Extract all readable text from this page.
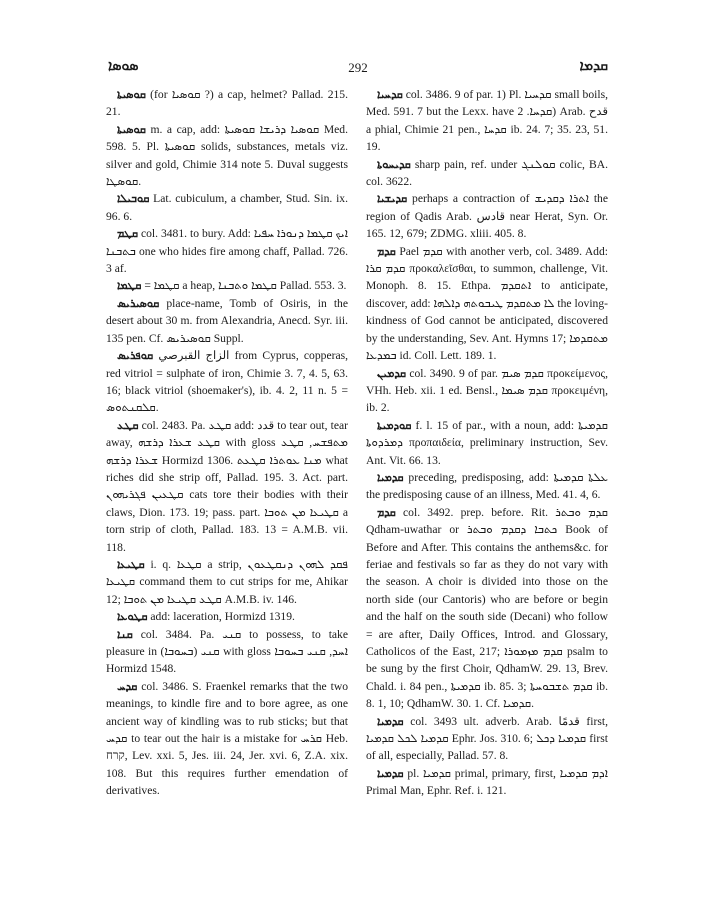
292
ܣܘܣܐ	ܩܕܡܐ

ܩܘܣܝܬܐ (for ܩܘܣܝܐ ?) a cap, helmet? Pallad. 215. 21.

ܩܘܣܝܬܐ m. a cap, add: ܩܘܣܝܐ ܕܪܝܫܐ ܩܘܣܝܬܐ Med. 598. 5. Pl. ܩܘܣܝܬܐ solids, substances, metals viz. silver and gold, Chimie 314 note 5. Duval suggests ܩܘܣܛܐ.

ܩܘܒܝܠܐ Lat. cubiculum, a chamber, Stud. Sin. ix. 96. 6.

ܩܛܡ col. 3481. to bury. Add: ܐܝܟ ܩܛܡܐ ܕܢܘܪܐ ܚܦܝܐ ܒܬܒܢܐ one who hides fire among chaff, Pallad. 726. 3 af.

ܩܛܡܐ = ܩܛܡܐ a heap, ܩܛܡܐ ܘܬܒܢܐ Pallad. 553. 3.

ܩܘܣܝܪܝܣ place-name, Tomb of Osiris, in the desert about 30 m. from Alexandria, Anecd. Syr. iii. 135 pen. Cf. ܩܘܣܝܪܝܣ Suppl.

ܩܘܦܪܝܣ الزاج القبرصي from Cyprus, copperas, red vitriol = sulphate of iron, Chimie 3. 7, 4. 5, 63. 16; black vitriol (shoemaker's), ib. 4. 2, 11 n. 5 = ܩܠܩܢܬܘܣ.

ܩܛܥ col. 2483. Pa. ܩܛܥ add: قدد to tear out, tear away, ܩܛܥ ܫܥܪܐ ܕܪܫܗ with gloss ܡܬܦܫܚ, ܩܛܥ ܫܥܪܐ ܕܪܫܗ Hormizd 1306. ܡܢܐ ܥܘܬܪܐ ܩܛܥܬ what riches did she strip off, Pallad. 195. 3. Act. part. ܩܛܥܝܢ ܦܓܪܝܗܘܢ cats tore their bodies with their claws, Dion. 173. 19; pass. part. ܩܛܝܥܐ ܡܢ ܬܘܒܐ a torn strip of cloth, Pallad. 183. 13 = A.M.B. vii. 118.

ܩܛܝܥܐ i. q. ܩܛܥܐ a strip, ܦܩܕ ܠܗܘܢ ܕܢܩܛܥܘܢ ܩܛܝܥܐ command them to cut strips for me, Ahikar 12; ܩܛܥ ܩܛܝܥܐ ܡܢ ܬܘܒܐ A.M.B. iv. 146.

ܩܛܘܥܐ add: laceration, Hormizd 1319.

ܩܢܐ col. 3484. Pa. ܩܢܝ to possess, to take pleasure in ܩܢܝ (ܒܚܘܒܐ) with gloss ܐܚܕ, ܩܢܝ ܒܚܘܒܐ Hormizd 1548.

ܩܕܚ col. 3486. S. Fraenkel remarks that the two meanings, to kindle fire and to bore agree, as one ancient way of kindling was to rub sticks; but that ܩܕܚ to tear out the hair is a mistake for ܩܪܚ Heb. קרח, Lev. xxi. 5, Jes. iii. 24, Jer. xvi. 6, Z.A. xix. 108. But this requires further emendation of derivatives.

ܩܕܚܝܐ col. 3486. 9 of par. 1) Pl. ܩܕܚܝܐ small boils, Med. 591. 7 but the Lexx. have ܩܕܚܐ. 2) Arab. قدح a phial, Chimie 21 pen., ܩܕܚܐ ib. 24. 7; 35. 23, 51. 19.

ܩܕܝܚܘܬܐ sharp pain, ref. under ܩܘܠܢܓ colic, BA. col. 3622.

ܩܕܝܫܝܐ perhaps a contraction of ܐܬܪܐ ܕܩܕܝܫ the region of Qadis Arab. قادس near Herat, Syn. Or. 165. 12, 679; ZDMG. xliii. 405. 8.

ܩܕܡ Pael ܩܕܡ with another verb, col. 3489. Add: ܩܕܡ ܩܪܐ προκαλεῖσθαι, to summon, challenge, Vit. Monoph. 8. 15. Ethpa. ܐܬܩܕܡ to anticipate, discover, add: ܠܐ ܡܬܩܕܡ ܛܝܒܘܬܗ ܕܐܠܗܐ the loving-kindness of God cannot be anticipated, discovered by the understanding, Sev. Ant. Hymns 17; ܡܬܩܕܡܐ ܒܡܕܥܐ id. Coll. Lett. 189. 1.

ܩܕܡܝܢ col. 3490. 9 of par. ܩܕܡ ܣܝܡ προκείμενος, VHh. Heb. xii. 1 ed. Bensl., ܩܕܡ ܣܝܡܐ προκειμένη, ib. 2.

ܩܘܕܡܝܬܐ f. l. 15 of par., with a noun, add: ܩܕܡܝܬܐ ܕܡܪܕܘܬܐ προπαιδεία, preliminary instruction, Sev. Ant. Vit. 66. 13.

ܩܕܡܝܐ preceding, predisposing, add: ܥܠܬܐ ܩܕܡܝܬܐ the predisposing cause of an illness, Med. 41. 4, 6.

ܩܕܡ col. 3492. prep. before. Rit. ܩܕܡ ܘܒܬܪ Qdham-uwathar or ܟܬܒܐ ܕܩܕܡ ܘܒܬܪ Book of Before and After. This contains the anthems&c. for feriae and festivals so far as they do not vary with the season. A choir is divided into those on the north side (our Cantoris) who are before or begin and the half on the south side (Decani) who follow = are after, Daily Offices, Introd. and Glossary, Catholicos of the East, 217; ܩܕܡ ܡܙܡܘܪܐ psalm to be sung by the first Choir, QdhamW. 29. 13, Brev. Chald. i. 84 pen., ܩܕܡܝܬܐ ib. 85. 3; ܩܕܡ ܬܫܒܘܚܬܐ ib. 8. 1, 10; QdhamW. 30. 1. Cf. ܩܕܡܝܐ.

ܩܕܡܝܐ col. 3493 ult. adverb. Arab. قدمًا first, ܩܕܡܝܐ ܠܟܠ ܩܕܡܝܐ Ephr. Jos. 310. 6; ܩܕܡܝܐ ܕܟܠ first of all, especially, Pallad. 57. 8.

ܩܕܡܝܐ pl. ܩܕܡܝܐ primal, primary, first, ܐܕܡ ܩܕܡܝܐ Primal Man, Ephr. Ref. i. 121.
